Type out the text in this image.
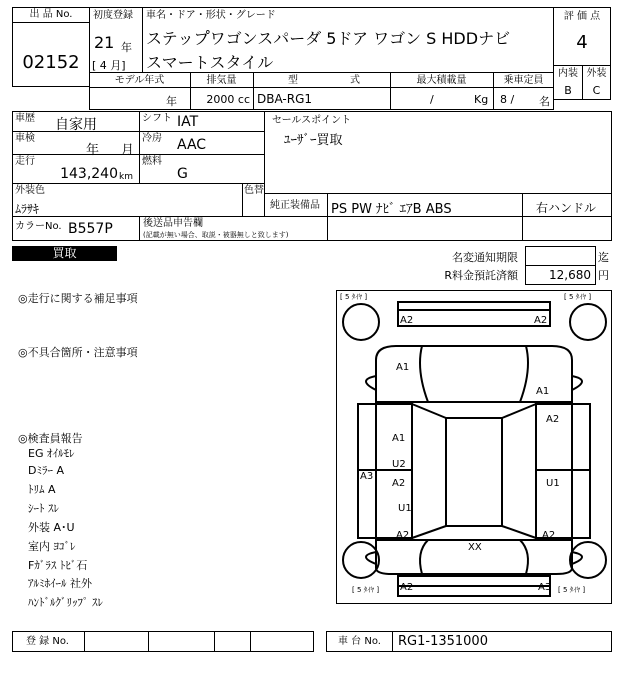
出 品 No.
02152
初度登録
21 年
[ 4 月]
車名・ドア・形状・グレード
ステップ゚ワゴンスパーダ 5ドア ワゴン S HDDナビ
スマートスタイル
評 価 点
4
内装 外装
B	C
モデル年式
年
排気量
2000 cc
型	式
DBA-RG1
最大積載量
/	Kg
乗車定員
8 / 名
車歴 自家用	シフト IAT
車検
年 月
冷房 AAC
走行
143,240 km
燃料
G
セールスポイント
ﾕｰｻﾞｰ買取
外装色
ﾑﾗｻｷ
色替
純正装備品 PS PW ﾅﾋﾞ ｴｱB ABS	右ハンドル
カラーNo. B557P	後送品申告欄
(記載が無い場合、取説・被器無しと致します)
買取	名変通知期限	迄
R料金預託済額	12,680 円
◎走行に関する補足事項
◎不具合箇所・注意事項
◎検査員報告
EG ｵｲﾙﾓﾚ
Dﾐﾗｰ A
ﾄﾘﾑ A
ｼｰﾄ ｽﾚ
外装 A･U
室内 ﾖｺﾞﾚ
Fｶﾞﾗｽ ﾄﾋﾞ石
ｱﾙﾐﾎｲｰﾙ 社外
ﾊﾝﾄﾞﾙｸﾞﾘｯﾌﾟ ｽﾚ
[ 5 ﾀｲﾔ ]	[ 5 ﾀｲﾔ ]
[ 5 ﾀｲﾔ ]	[ 5 ﾀｲﾔ ]
A2	A2
A1
A1
A2
A1
A3
U2
A2	U1
U1
A2
XX
A2
A2	A3
登 録 No.	車 台 No. RG1-1351000
